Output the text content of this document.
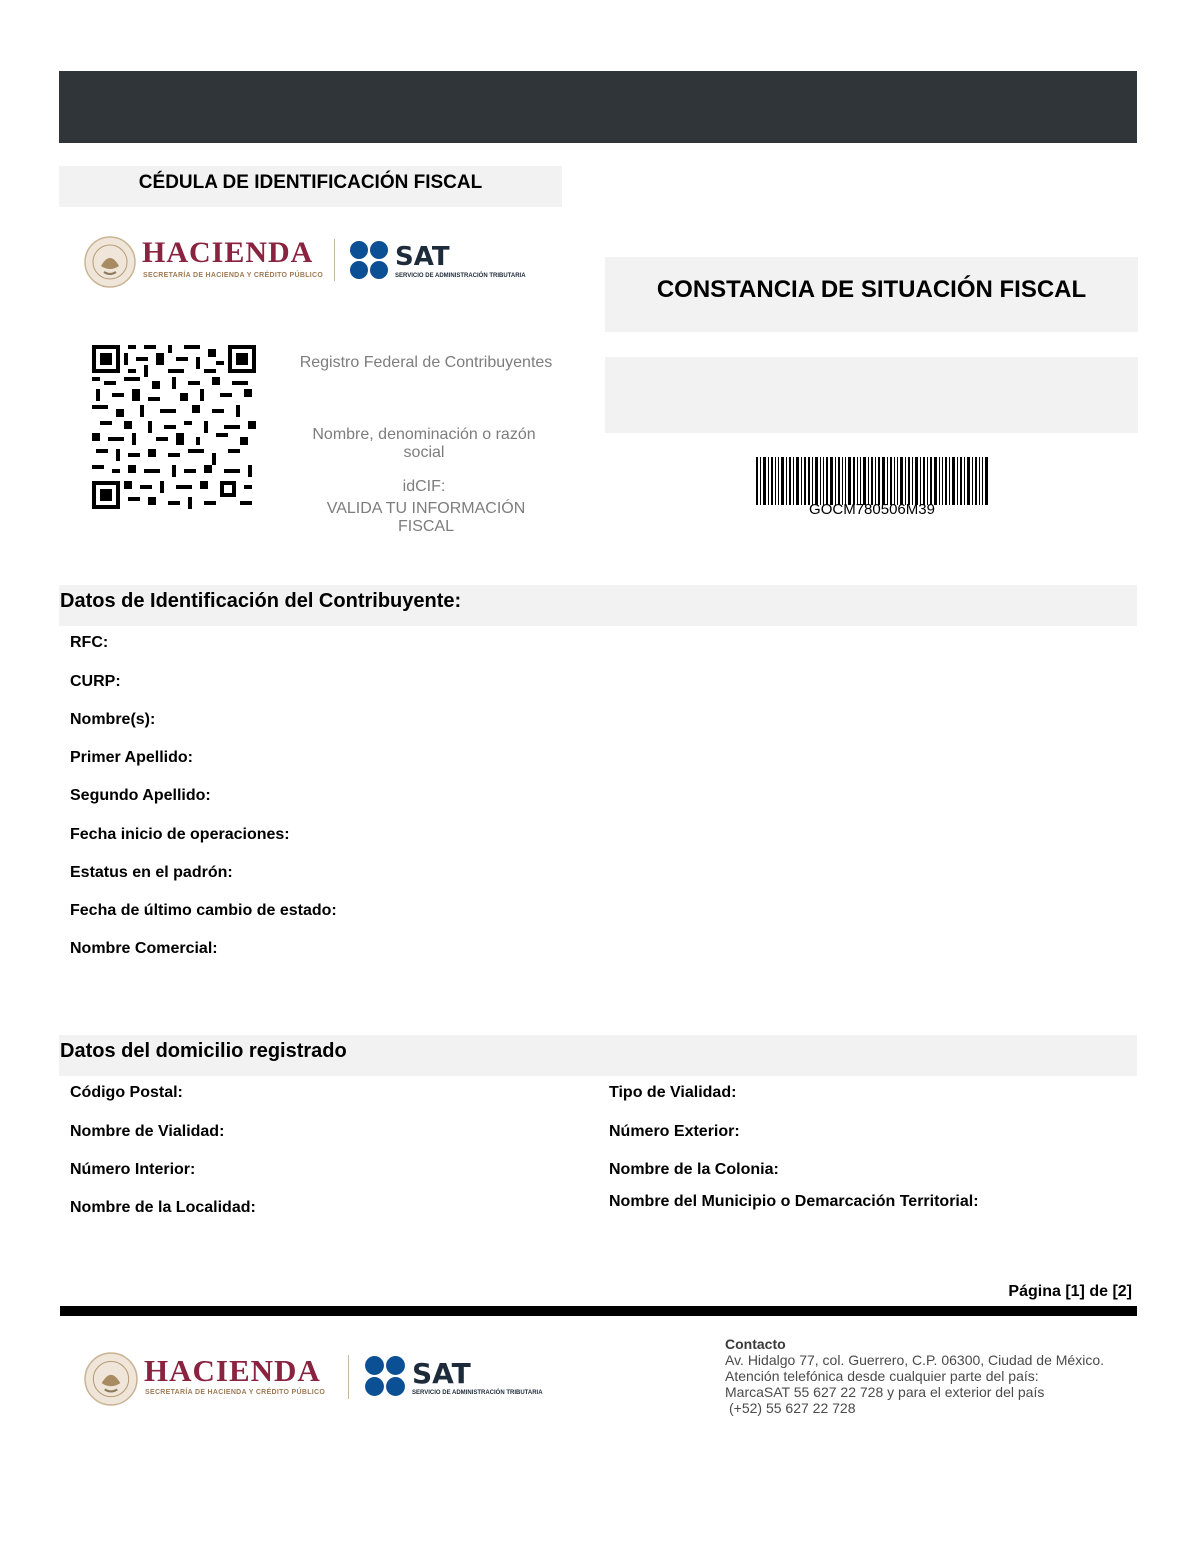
CÉDULA DE IDENTIFICACIÓN FISCAL
HACIENDA
SECRETARÍA DE HACIENDA Y CRÉDITO PÚBLICO
SAT
SERVICIO DE ADMINISTRACIÓN TRIBUTARIA
Registro Federal de Contribuyentes
Nombre, denominación o razón social
idCIF:
VALIDA TU INFORMACIÓN FISCAL
CONSTANCIA DE SITUACIÓN FISCAL
GOCM780506M39
Datos de Identificación del Contribuyente:
RFC:
CURP:
Nombre(s):
Primer Apellido:
Segundo Apellido:
Fecha inicio de operaciones:
Estatus en el padrón:
Fecha de último cambio de estado:
Nombre Comercial:
Datos del domicilio registrado
Código Postal:
Nombre de Vialidad:
Número Interior:
Nombre de la Localidad:
Tipo de Vialidad:
Número Exterior:
Nombre de la Colonia:
Nombre del Municipio o Demarcación Territorial:
Página [1] de [2]
HACIENDA
SECRETARÍA DE HACIENDA Y CRÉDITO PÚBLICO
SAT
SERVICIO DE ADMINISTRACIÓN TRIBUTARIA
Contacto
Av. Hidalgo 77, col. Guerrero, C.P. 06300, Ciudad de México.
Atención telefónica desde cualquier parte del país:
MarcaSAT 55 627 22 728 y para el exterior del país
(+52) 55 627 22 728
